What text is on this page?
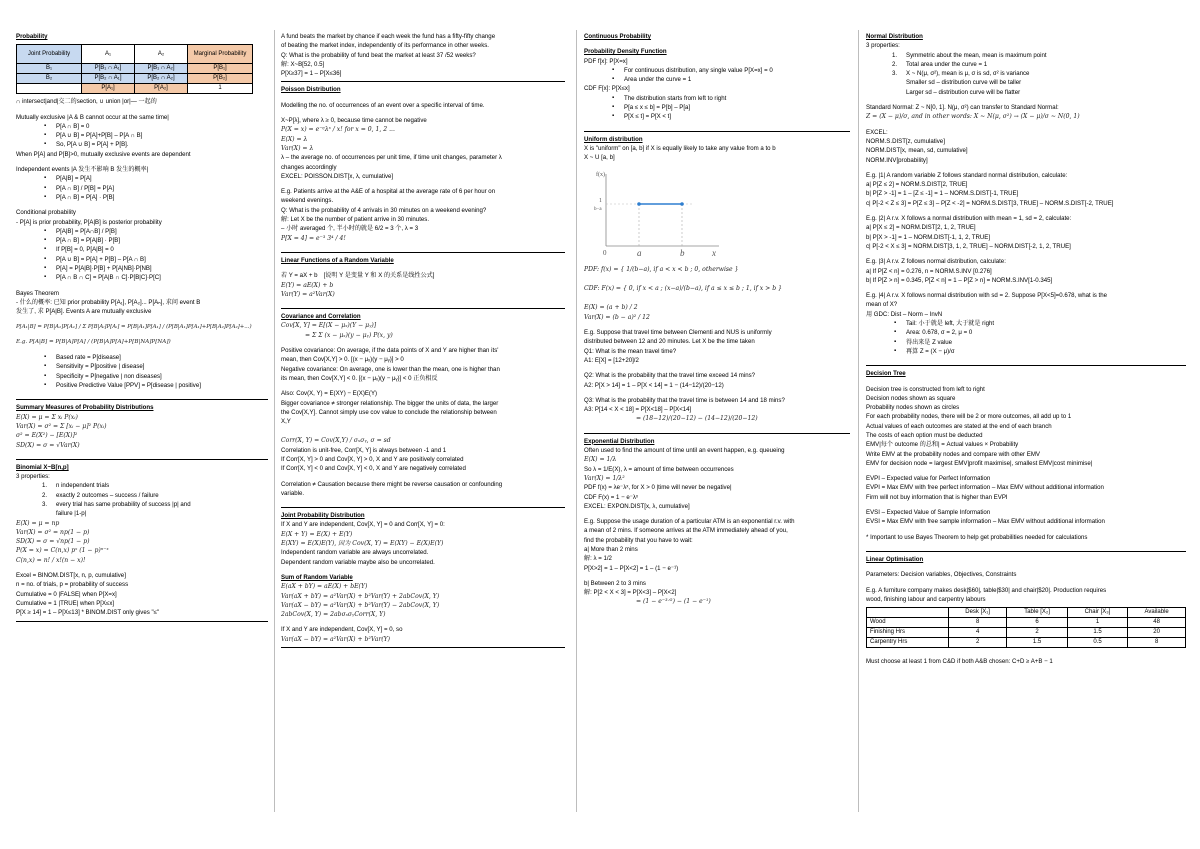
Probability
Joint Probability	A₁	A₂	Marginal Probability
B₁	P[B₁ ∩ A₁]	P[B₁ ∩ A₂]	P[B₁]
B₂	P[B₂ ∩ A₁]	P[B₂ ∩ A₂]	P[B₂]
	P[A₁]	P[A₂]	1
∩ intersect|and|交二的section, ∪ union |or|— 一起的
Mutually exclusive |A & B cannot occur at the same time|
▪ P[A ∩ B] = 0
▪ P[A ∪ B] = P[A]+P[B] – P[A ∩ B]
▪ So, P[A ∪ B] = P[A] + P[B].
When P[A] and P[B]>0, mutually exclusive events are dependent
Independent events |A 发生不影响 B 发生的概率|
▪ P[A|B] = P[A]
▪ P[A ∩ B] / P[B] = P[A]
▪ P[A ∩ B] = P[A] · P[B]
Conditional probability
- P[A] is prior probability, P[A|B] is posterior probability
▪ P[A|B] = P[A∩B] / P[B]
▪ P[A ∩ B] = P[A|B] · P[B]
▪ If P[B] = 0, P[A|B] = 0
▪ P[A ∪ B] = P[A] + P[B] – P[A ∩ B]
▪ P[A] = P[A|B]·P[B] + P[A|NB]·P[NB]
▪ P[A ∩ B ∩ C] = P[A|B ∩ C]·P[B|C]·P[C]
Bayes Theorem
- 什么的概率: 已知 prior probability P[A₁], P[A₂]... P[Aₙ], 求问 event B
发生了, 求 P[A|B]. Events A are mutually exclusive
P[A₁|B] = P[B|A₁]P[A₁] / Σ P[B|Aᵢ]P[Aᵢ] = P[B|A₁]P[A₁] / (P[B|A₁]P[A₁]+P[B|A₂]P[A₂]+...)
E.g. P[A|B] = P[B|A]P[A] / (P[B|A]P[A]+P[B|NA]P[NA])
▪ Based rate = P[disease]
▪ Sensitivity = P[positive | disease]
▪ Specificity = P[negative | non diseases]
▪ Positive Predictive Value [PPV] = P[disease | positive]
Summary Measures of Probability Distributions
E(X) = μ = Σ xᵢ P(xᵢ)
Var(X) = σ² = Σ [xᵢ − μ]² P(xᵢ)
σ² = E(X²) − [E(X)]²
SD(X) = σ = √Var(X)
Binomial X~B[n,p]
3 properties:
1. n independent trials
2. exactly 2 outcomes – success / failure
3. every trial has same probability of success |p| and
failure |1-p|
E(X) = μ = np
Var(X) = σ² = np(1 − p)
SD(X) = σ = √np(1 − p)
P(X = x) = C(n,x) pˣ (1 − p)ⁿ⁻ˣ
C(n,x) = n! / x!(n − x)!
Excel = BINOM.DIST[x, n, p, cumulative]
n = no. of trials, p = probability of success
Cumulative = 0 |FALSE| when P[X=x]
Cumulative = 1 |TRUE| when P[X≤x]
P[X ≥ 14] = 1 – P[X≤13] * BINOM.DIST only gives "≤"
A fund beats the market by chance if each week the fund has a fifty-fifty change
of beating the market index, independently of its performance in other weeks.
Q: What is the probability of fund beat the market at least 37 /52 weeks?
解: X~B[52, 0.5]
P[X≥37] = 1 – P[X≤36]
Poisson Distribution
Modelling the no. of occurrences of an event over a specific interval of time.
X~P[λ], where λ ≥ 0, because time cannot be negative
P(X = x) = e⁻ᵑλˣ / x! for x = 0, 1, 2 ...
E(X) = λ
Var(X) = λ
λ – the average no. of occurrences per unit time, if time unit changes, parameter λ
changes accordingly
EXCEL: POISSON.DIST[x, λ, cumulative]
E.g. Patients arrive at the A&E of a hospital at the average rate of 6 per hour on
weekend evenings.
Q: What is the probability of 4 arrivals in 30 minutes on a weekend evening?
解: Let X be the number of patient arrive in 30 minutes.
– 小时 averaged 个, 半小时的就是 6/2 = 3 个, λ = 3
P[X = 4] = e⁻³ 3⁴ / 4!
Linear Functions of a Random Variable
若 Y = aX + b　[说明 Y 是变量 Y 和 X 的关系是线性公式]
E(Y) = aE(X) + b
Var(Y) = a²Var(X)
Covariance and Correlation
Cov[X, Y] = E[(X − μₓ)(Y − μᵧ)]
= Σ Σ (x − μₓ)(y − μᵧ) P(x, y)
Positive covariance: On average, if the data points of X and Y are higher than its'
mean, then Cov[X,Y] > 0. [(x − μₓ)(y − μᵧ)] > 0
Negative covariance: On average, one is lower than the mean, one is higher than
its mean, then Cov[X,Y] < 0. [(x − μₓ)(y − μᵧ)] < 0 正负相反
Also: Cov(X, Y) = E(XY) − E(X)E(Y)
Bigger covariance ≠ stronger relationship. The bigger the units of data, the larger
the Cov[X,Y]. Cannot simply use cov value to conclude the relationship between
X,Y
Corr(X, Y) = Cov(X,Y) / σₓσᵧ, σ = sd
Correlation is unit-free, Corr[X, Y] is always between -1 and 1
If Corr[X, Y] > 0 and Cov[X, Y] > 0, X and Y are positively correlated
If Corr[X, Y] < 0 and Cov[X, Y] < 0, X and Y are negatively correlated
Correlation ≠ Causation because there might be reverse causation or confounding
variable.
Joint Probability Distribution
If X and Y are independent, Cov[X, Y] = 0 and Corr[X, Y] = 0:
E(X + Y) = E(X) + E(Y)
E(XY) = E(X)E(Y), 因为 Cov(X, Y) = E(XY) − E(X)E(Y)
Independent random variable are always uncorrelated.
Dependent random variable maybe also be uncorrelated.
Sum of Random Variable
E(aX + bY) = aE(X) + bE(Y)
Var(aX + bY) = a²Var(X) + b²Var(Y) + 2abCov(X, Y)
Var(aX − bY) = a²Var(X) + b²Var(Y) − 2abCov(X, Y)
2abCov(X, Y) = 2abσₓσᵧCorr(X, Y)
If X and Y are independent, Cov[X, Y] = 0, so
Var(aX − bY) = a²Var(X) + b²Var(Y)
Continuous Probability
Probability Density Function
PDF f[x]: P[X=x]
▪ For continuous distribution, any single value P[X=x] = 0
▪ Area under the curve = 1
CDF F[x]: P[X≤x]
▪ The distribution starts from left to right
▪ P[a ≤ x ≤ b] = P[b] – P[a]
▪ P[X ≤ t] = P[X < t]
Uniform distribution
X is "uniform" on [a, b] if X is equally likely to take any value from a to b
X ~ U [a, b]
f(x)
1
b−a
0	a	b	x
PDF: f(x) = { 1/(b−a), if a < x < b ; 0, otherwise }
CDF: F(x) = { 0, if x < a ; (x−a)/(b−a), if a ≤ x ≤ b ; 1, if x > b }
E(X) = (a + b) / 2
Var(X) = (b − a)² / 12
E.g. Suppose that travel time between Clementi and NUS is uniformly
distributed between 12 and 20 minutes. Let X be the time taken
Q1: What is the mean travel time?
A1: E[X] = [12+20]/2
Q2: What is the probability that the travel time exceed 14 mins?
A2: P[X > 14] = 1 – P[X < 14] = 1 − (14−12)/(20−12)
Q3: What is the probability that the travel time is between 14 and 18 mins?
A3: P[14 < X < 18] = P[X<18] – P[X<14]
= (18−12)/(20−12) − (14−12)/(20−12)
Exponential Distribution
Often used to find the amount of time until an event happen, e.g. queueing
E(X) = 1/λ
So λ = 1/E(X), λ = amount of time between occurrences
Var(X) = 1/λ²
PDF f(x) = λe⁻λˣ, for X > 0 |time will never be negative|
CDF F(x) = 1 − e⁻λˣ
EXCEL: EXPON.DIST[x, λ, cumulative]
E.g. Suppose the usage duration of a particular ATM is an exponential r.v. with
a mean of 2 mins. If someone arrives at the ATM immediately ahead of you,
find the probability that you have to wait:
a| More than 2 mins
解: λ = 1/2
P[X>2] = 1 – P[X<2] = 1 – (1 − e⁻¹)
b| Between 2 to 3 mins
解: P[2 < X < 3] = P[X<3] – P[X<2]
= (1 − e⁻³ᐟ²) − (1 − e⁻¹)
Normal Distribution
3 properties:
1. Symmetric about the mean, mean is maximum point
2. Total area under the curve = 1
3. X ~ N(μ, σ²), mean is μ, σ is sd, σ² is variance
Smaller sd – distribution curve will be taller
Larger sd – distribution curve will be flatter
Standard Normal: Z ~ N[0, 1]. N(μ, σ²) can transfer to Standard Normal:
Z = (X − μ)/σ, and in other words: X ~ N(μ, σ²) → (X − μ)/σ ~ N(0, 1)
EXCEL:
NORM.S.DIST[z, cumulative]
NORM.DIST[x, mean, sd, cumulative]
NORM.INV[probability]
E.g. |1| A random variable Z follows standard normal distribution, calculate:
a| P[Z ≤ 2] = NORM.S.DIST[2, TRUE]
b| P[Z > -1] = 1 – [Z ≤ -1] = 1 – NORM.S.DIST[-1, TRUE]
c| P[-2 < Z ≤ 3] = P[Z ≤ 3] – P[Z < -2] = NORM.S.DIST[3, TRUE] – NORM.S.DIST[-2, TRUE]
E.g. |2| A r.v. X follows a normal distribution with mean = 1, sd = 2, calculate:
a| P[X ≤ 2] = NORM.DIST[2, 1, 2, TRUE]
b| P[X > -1] = 1 – NORM.DIST[-1, 1, 2, TRUE]
c| P[-2 < X ≤ 3] = NORM.DIST[3, 1, 2, TRUE] – NORM.DIST[-2, 1, 2, TRUE]
E.g. |3| A r.v. Z follows normal distribution, calculate:
a| If P[Z < n] = 0.276, n = NORM.S.INV [0.276]
b| If P[Z > n] = 0.345, P[Z < n] = 1 – P[Z > n] = NORM.S.INV[1-0.345]
E.g. |4| A r.v. X follows normal distribution with sd = 2. Suppose P[X<5]=0.678, what is the
mean of X?
用 GDC: Dist – Norm – InvN
▪ Tail: 小于就是 left, 大于就是 right
▪ Area: 0.678, σ = 2, μ = 0
▪ 得出来是 Z value
▪ 再算 Z = (X − μ)/σ
Decision Tree
Decision tree is constructed from left to right
Decision nodes shown as square
Probability nodes shown as circles
For each probability nodes, there will be 2 or more outcomes, all add up to 1
Actual values of each outcomes are stated at the end of each branch
The costs of each option must be deducted
EMV|每个 outcome 的总和| = Actual values × Probability
Write EMV at the probability nodes and compare with other EMV
EMV for decision node = largest EMV|profit maximise|, smallest EMV|cost minimise|
EVPI – Expected value for Perfect Information
EVPI = Max EMV with free perfect information – Max EMV without additional information
Firm will not buy information that is higher than EVPI
EVSI – Expected Value of Sample Information
EVSI = Max EMV with free sample information – Max EMV without additional information
* Important to use Bayes Theorem to help get probabilities needed for calculations
Linear Optimisation
Parameters: Decision variables, Objectives, Constraints
E.g. A furniture company makes desk|$60|, table|$30| and chair|$20|. Production requires
wood, finishing labour and carpentry labours
	Desk [X₁]	Table [X₂]	Chair [X₃]	Available
Wood	8	6	1	48
Finishing Hrs	4	2	1.5	20
Carpentry Hrs	2	1.5	0.5	8
Must choose at least 1 from C&D if both A&B chosen: C+D ≥ A+B − 1
